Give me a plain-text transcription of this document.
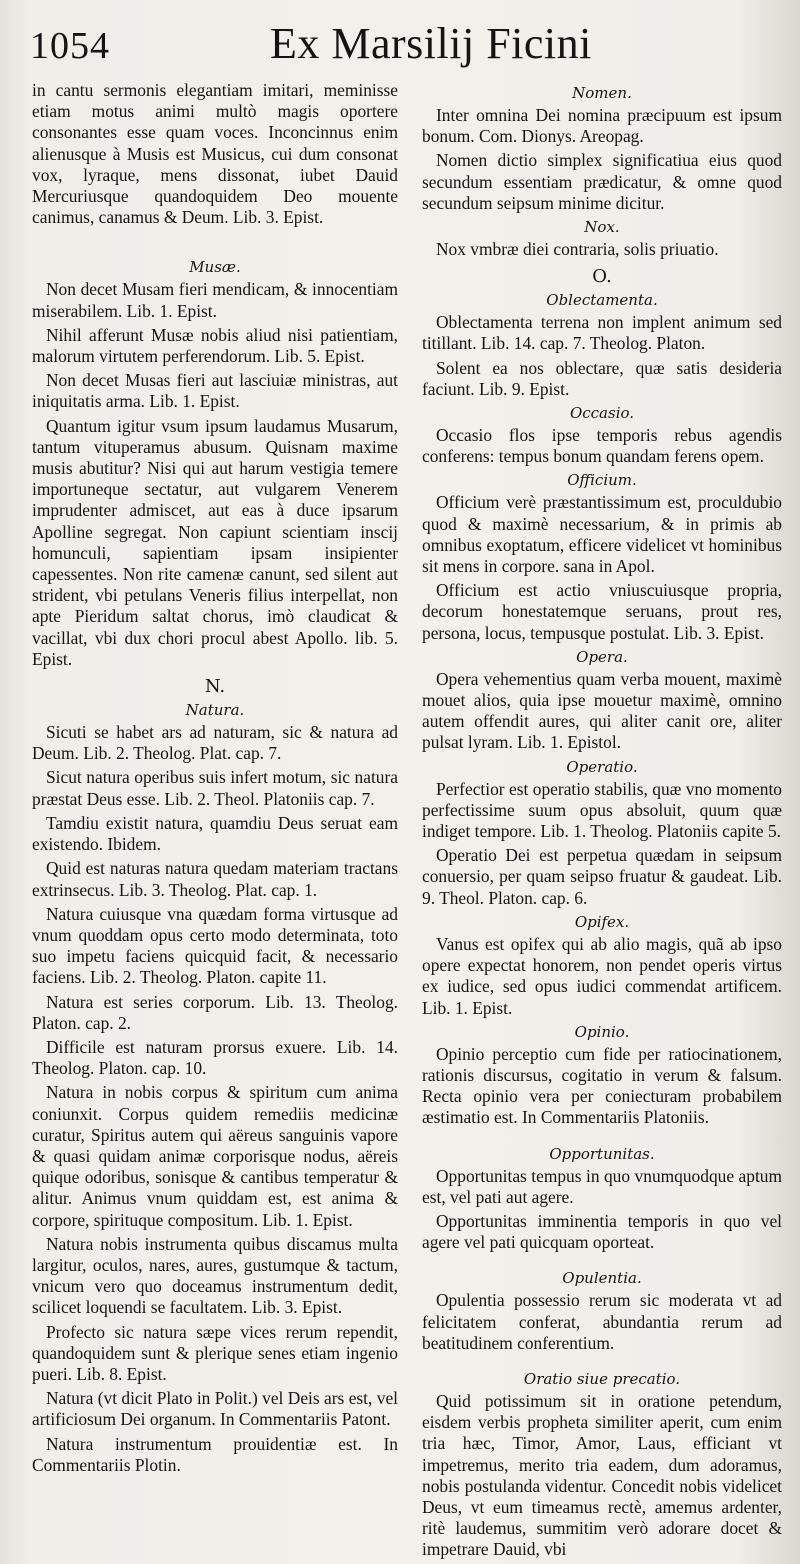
1054	Ex Marsilij Ficini

in cantu sermonis elegantiam imitari, meminisse etiam motus animi multò magis oportere consonantes esse quam voces. Inconcinnus enim alienusque à Musis est Musicus, cui dum consonat vox, lyraque, mens dissonat, iubet Dauid Mercuriusque quandoquidem Deo mouente canimus, canamus & Deum. Lib. 3. Epist.

Musæ.

Non decet Musam fieri mendicam, & innocentiam miserabilem. Lib. 1. Epist.

Nihil afferunt Musæ nobis aliud nisi patientiam, malorum virtutem perferendorum. Lib. 5. Epist.

Non decet Musas fieri aut lasciuiæ ministras, aut iniquitatis arma. Lib. 1. Epist.

Quantum igitur vsum ipsum laudamus Musarum, tantum vituperamus abusum. Quisnam maxime musis abutitur? Nisi qui aut harum vestigia temere importuneque sectatur, aut vulgarem Venerem imprudenter admiscet, aut eas à duce ipsarum Apolline segregat. Non capiunt scientiam inscij homunculi, sapientiam ipsam insipienter capessentes. Non rite camenæ canunt, sed silent aut strident, vbi petulans Veneris filius interpellat, non apte Pieridum saltat chorus, imò claudicat & vacillat, vbi dux chori procul abest Apollo. lib. 5. Epist.

N.
Natura.

Sicuti se habet ars ad naturam, sic & natura ad Deum. Lib. 2. Theolog. Plat. cap. 7.

Sicut natura operibus suis infert motum, sic natura præstat Deus esse. Lib. 2. Theol. Platoniis cap. 7.

Tamdiu existit natura, quamdiu Deus seruat eam existendo. Ibidem.

Quid est naturas natura quedam materiam tractans extrinsecus. Lib. 3. Theolog. Plat. cap. 1.

Natura cuiusque vna quædam forma virtusque ad vnum quoddam opus certo modo determinata, toto suo impetu faciens quicquid facit, & necessario faciens. Lib. 2. Theolog. Platon. capite 11.

Natura est series corporum. Lib. 13. Theolog. Platon. cap. 2.

Difficile est naturam prorsus exuere. Lib. 14. Theolog. Platon. cap. 10.

Natura in nobis corpus & spiritum cum anima coniunxit. Corpus quidem remediis medicinæ curatur, Spiritus autem qui aëreus sanguinis vapore & quasi quidam animæ corporisque nodus, aëreis quique odoribus, sonisque & cantibus temperatur & alitur. Animus vnum quiddam est, est anima & corpore, spirituque compositum. Lib. 1. Epist.

Natura nobis instrumenta quibus discamus multa largitur, oculos, nares, aures, gustumque & tactum, vnicum vero quo doceamus instrumentum dedit, scilicet loquendi se facultatem. Lib. 3. Epist.

Profecto sic natura sæpe vices rerum rependit, quandoquidem sunt & plerique senes etiam ingenio pueri. Lib. 8. Epist.

Natura (vt dicit Plato in Polit.) vel Deis ars est, vel artificiosum Dei organum. In Commentariis Patont.

Natura instrumentum prouidentiæ est. In Commentariis Plotin.

Nomen.

Inter omnina Dei nomina præcipuum est ipsum bonum. Com. Dionys. Areopag.

Nomen dictio simplex significatiua eius quod secundum essentiam prædicatur, & omne quod secundum seipsum minime dicitur.

Nox.

Nox vmbræ diei contraria, solis priuatio.

O.
Oblectamenta.

Oblectamenta terrena non implent animum sed titillant. Lib. 14. cap. 7. Theolog. Platon.

Solent ea nos oblectare, quæ satis desideria faciunt. Lib. 9. Epist.

Occasio.

Occasio flos ipse temporis rebus agendis conferens: tempus bonum quandam ferens opem.

Officium.

Officium verè præstantissimum est, proculdubio quod & maximè necessarium, & in primis ab omnibus exoptatum, efficere videlicet vt hominibus sit mens in corpore. sana in Apol.

Officium est actio vniuscuiusque propria, decorum honestatemque seruans, prout res, persona, locus, tempusque postulat. Lib. 3. Epist.

Opera.

Opera vehementius quam verba mouent, maximè mouet alios, quia ipse mouetur maximè, omnino autem offendit aures, qui aliter canit ore, aliter pulsat lyram. Lib. 1. Epistol.

Operatio.

Perfectior est operatio stabilis, quæ vno momento perfectissime suum opus absoluit, quum quæ indiget tempore. Lib. 1. Theolog. Platoniis capite 5.

Operatio Dei est perpetua quædam in seipsum conuersio, per quam seipso fruatur & gaudeat. Lib. 9. Theol. Platon. cap. 6.

Opifex.

Vanus est opifex qui ab alio magis, quã ab ipso opere expectat honorem, non pendet operis virtus ex iudice, sed opus iudici commendat artificem. Lib. 1. Epist.

Opinio.

Opinio perceptio cum fide per ratiocinationem, rationis discursus, cogitatio in verum & falsum. Recta opinio vera per coniecturam probabilem æstimatio est. In Commentariis Platoniis.

Opportunitas.

Opportunitas tempus in quo vnumquodque aptum est, vel pati aut agere.

Opportunitas imminentia temporis in quo vel agere vel pati quicquam oporteat.

Opulentia.

Opulentia possessio rerum sic moderata vt ad felicitatem conferat, abundantia rerum ad beatitudinem conferentium.

Oratio siue precatio.

Quid potissimum sit in oratione petendum, eisdem verbis propheta similiter aperit, cum enim tria hæc, Timor, Amor, Laus, efficiant vt impetremus, merito tria eadem, dum adoramus, nobis postulanda videntur. Concedit nobis videlicet Deus, vt eum timeamus rectè, amemus ardenter, ritè laudemus, summitim verò adorare docet & impetrare Dauid, vbi
